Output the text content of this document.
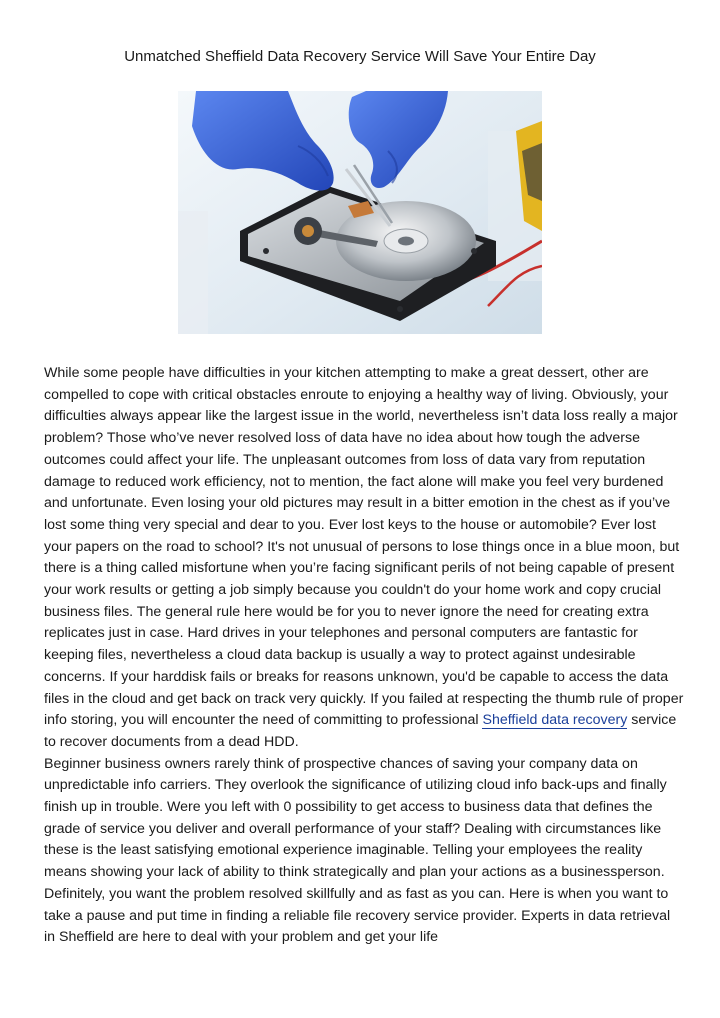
Unmatched Sheffield Data Recovery Service Will Save Your Entire Day

While some people have difficulties in your kitchen attempting to make a great dessert, other are compelled to cope with critical obstacles enroute to enjoying a healthy way of living. Obviously, your difficulties always appear like the largest issue in the world, nevertheless isn’t data loss really a major problem? Those who’ve never resolved loss of data have no idea about how tough the adverse outcomes could affect your life. The unpleasant outcomes from loss of data vary from reputation damage to reduced work efficiency, not to mention, the fact alone will make you feel very burdened and unfortunate. Even losing your old pictures may result in a bitter emotion in the chest as if you’ve lost some thing very special and dear to you. Ever lost keys to the house or automobile? Ever lost your papers on the road to school? It's not unusual of persons to lose things once in a blue moon, but there is a thing called misfortune when you’re facing significant perils of not being capable of present your work results or getting a job simply because you couldn't do your home work and copy crucial business files. The general rule here would be for you to never ignore the need for creating extra replicates just in case. Hard drives in your telephones and personal computers are fantastic for keeping files, nevertheless a cloud data backup is usually a way to protect against undesirable concerns. If your harddisk fails or breaks for reasons unknown, you'd be capable to access the data files in the cloud and get back on track very quickly. If you failed at respecting the thumb rule of proper info storing, you will encounter the need of committing to professional Sheffield data recovery service to recover documents from a dead HDD.

Beginner business owners rarely think of prospective chances of saving your company data on unpredictable info carriers. They overlook the significance of utilizing cloud info back-ups and finally finish up in trouble. Were you left with 0 possibility to get access to business data that defines the grade of service you deliver and overall performance of your staff? Dealing with circumstances like these is the least satisfying emotional experience imaginable. Telling your employees the reality means showing your lack of ability to think strategically and plan your actions as a businessperson. Definitely, you want the problem resolved skillfully and as fast as you can. Here is when you want to take a pause and put time in finding a reliable file recovery service provider. Experts in data retrieval in Sheffield are here to deal with your problem and get your life
